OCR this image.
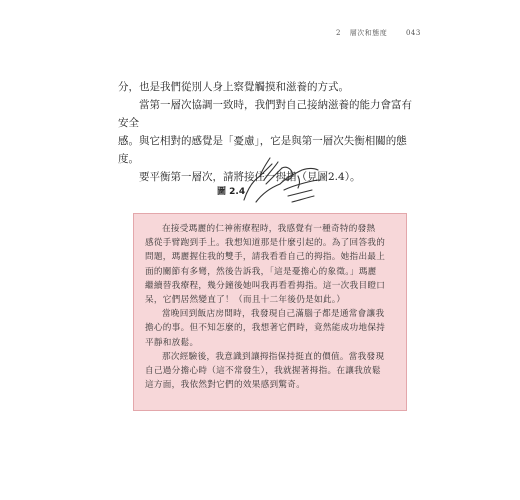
2 層次和態度	043

分，也是我們從別人身上察覺觸摸和滋養的方式。

當第一層次協調一致時，我們對自己接納滋養的能力會富有安全

感。與它相對的感覺是「憂慮」，它是與第一層次失衡相關的態度。

要平衡第一層次，請將接住一拇指（見圖2.4）。

圖 2.4

在接受瑪麗的仁神術療程時，我感覺有一種奇特的發熱

感從手臂跑到手上。我想知道那是什麼引起的。為了回答我的

問題，瑪麗握住我的雙手，請我看看自己的拇指。她指出最上

面的關節有多彎，然後告訴我，「這是憂擔心的象徵。」瑪麗

繼續替我療程，幾分鐘後她叫我再看看拇指。這一次我目瞪口

呆，它們居然變直了！（而且十二年後仍是如此。）

當晚回到飯店房間時，我發現自己滿腦子都是通常會讓我

擔心的事。但不知怎麼的，我想著它們時，竟然能成功地保持

平靜和放鬆。

那次經驗後，我意識到讓拇指保持挺直的價值。當我發現

自己過分擔心時（這不常發生），我就握著拇指。在讓我放鬆

這方面，我依然對它們的效果感到驚奇。
